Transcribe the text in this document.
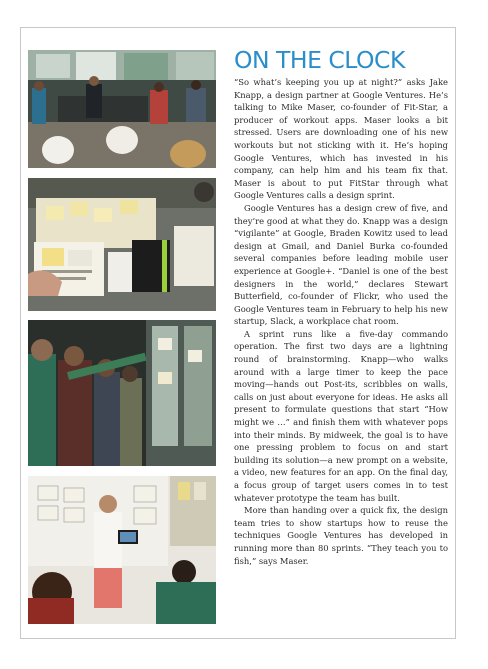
ON THE CLOCK

“So what’s keeping you up at night?” asks Jake Knapp, a design partner at Google Ventures. He’s talking to Mike Maser, co-founder of Fit-Star, a producer of workout apps. Maser looks a bit stressed. Users are downloading one of his new workouts but not sticking with it. He’s hoping Google Ventures, which has invested in his company, can help him and his team fix that. Maser is about to put FitStar through what Google Ventures calls a design sprint.

Google Ventures has a design crew of five, and they’re good at what they do. Knapp was a design “vigilante” at Google, Braden Kowitz used to lead design at Gmail, and Daniel Burka co-founded several companies before leading mobile user experience at Google+. “Daniel is one of the best designers in the world,” declares Stewart Butterfield, co-founder of Flickr, who used the Google Ventures team in February to help his new startup, Slack, a workplace chat room.

A sprint runs like a five-day commando operation. The first two days are a lightning round of brainstorming. Knapp—who walks around with a large timer to keep the pace moving—hands out Post-its, scribbles on walls, calls on just about everyone for ideas. He asks all present to formulate questions that start “How might we …” and finish them with whatever pops into their minds. By midweek, the goal is to have one pressing problem to focus on and start building its solution—a new prompt on a website, a video, new features for an app. On the final day, a focus group of target users comes in to test whatever prototype the team has built.

More than handing over a quick fix, the design team tries to show startups how to reuse the techniques Google Ventures has developed in running more than 80 sprints. “They teach you to fish,” says Maser.
